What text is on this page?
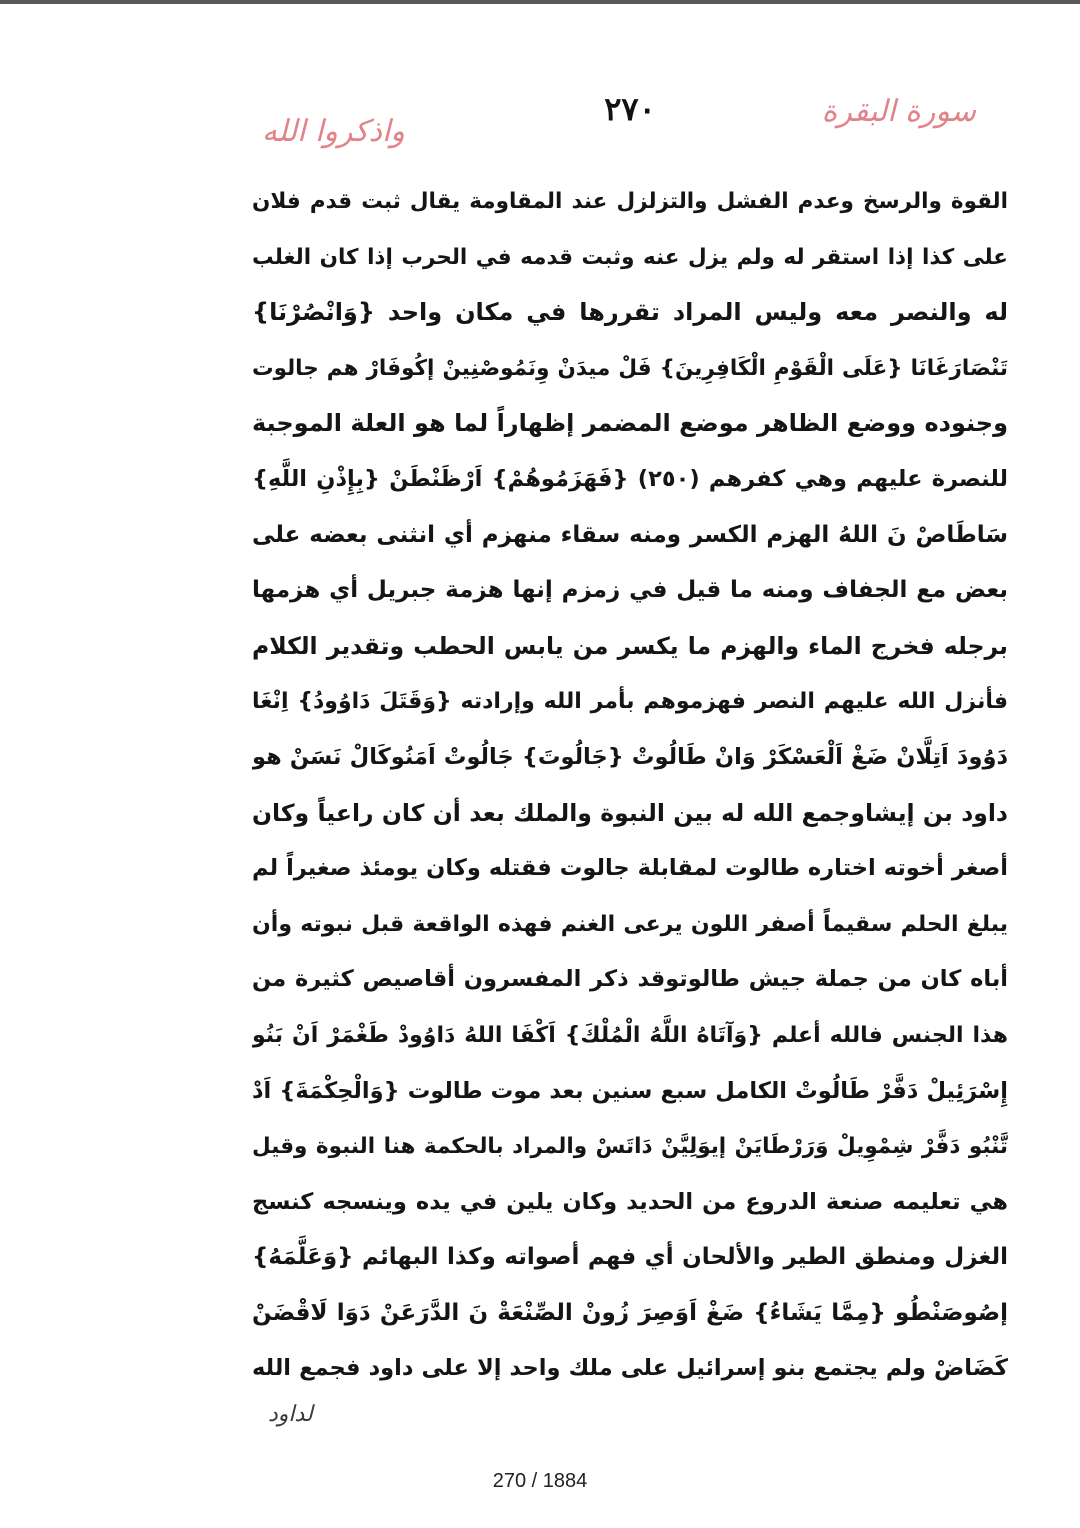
سورة البقرة
٢٧٠
واذكروا الله
القوة والرسخ وعدم الفشل والتزلزل عند المقاومة يقال ثبت قدم فلان
على كذا إذا استقر له ولم يزل عنه وثبت قدمه في الحرب إذا كان الغلب
له والنصر معه وليس المراد تقررها في مكان واحد {وَانْصُرْنَا}
تَنْصَارَغَانَا {عَلَى الْقَوْمِ الْكَافِرِينَ} فَلْ ميدَنْ وِنَمُوصْنِينْ إكُوفَارْ هم جالوت
وجنوده ووضع الظاهر موضع المضمر إظهاراً لما هو العلة الموجبة
للنصرة عليهم وهي كفرهم (٢٥٠) {فَهَزَمُوهُمْ} اَرْظَنْطَنْ {بِإِذْنِ اللَّهِ}
سَاطَاصْ نَ اللهُ الهزم الكسر ومنه سقاء منهزم أي انثنى بعضه على
بعض مع الجفاف ومنه ما قيل في زمزم إنها هزمة جبريل أي هزمها
برجله فخرج الماء والهزم ما يكسر من يابس الحطب وتقدير الكلام
فأنزل الله عليهم النصر فهزموهم بأمر الله وإرادته {وَقَتَلَ دَاوُودُ} اِنْغَا
دَوُودَ اَتِلَّانْ ضَغْ اَلْعَسْكَرْ وَانْ طَالُوتْ {جَالُوتَ} جَالُوتْ اَمَنُوكَالْ نَسَنْ هو
داود بن إيشاوجمع الله له بين النبوة والملك بعد أن كان راعياً وكان
أصغر أخوته اختاره طالوت لمقابلة جالوت فقتله وكان يومئذ صغيراً لم
يبلغ الحلم سقيماً أصفر اللون يرعى الغنم فهذه الواقعة قبل نبوته وأن
أباه كان من جملة جيش طالوتوقد ذكر المفسرون أقاصيص كثيرة من
هذا الجنس فالله أعلم {وَآتَاهُ اللَّهُ الْمُلْكَ} اَكْفَا اللهُ دَاوُودْ طَغْمَرْ اَنْ بَنُو
إِسْرَئِيلْ دَفَّرْ طَالُوتْ الكامل سبع سنين بعد موت طالوت {وَالْحِكْمَةَ} اَدْ
تَّنْبُو دَفَّرْ شِمْوِيلْ وَرَرْطَايَنْ إيوَلِيَّنْ دَاتَسْ والمراد بالحكمة هنا النبوة وقيل
هي تعليمه صنعة الدروع من الحديد وكان يلين في يده وينسجه كنسج
الغزل ومنطق الطير والألحان أي فهم أصواته وكذا البهائم {وَعَلَّمَهُ}
إصُوصَنْطُو {مِمَّا يَشَاءُ} ضَغْ اَوَصِرَ زُونْ الصِّنْعَةْ نَ الدَّرَعَنْ دَوَا لَاقْضَنْ
كَضَاضْ ولم يجتمع بنو إسرائيل على ملك واحد إلا على داود فجمع الله
لداود
270 / 1884
